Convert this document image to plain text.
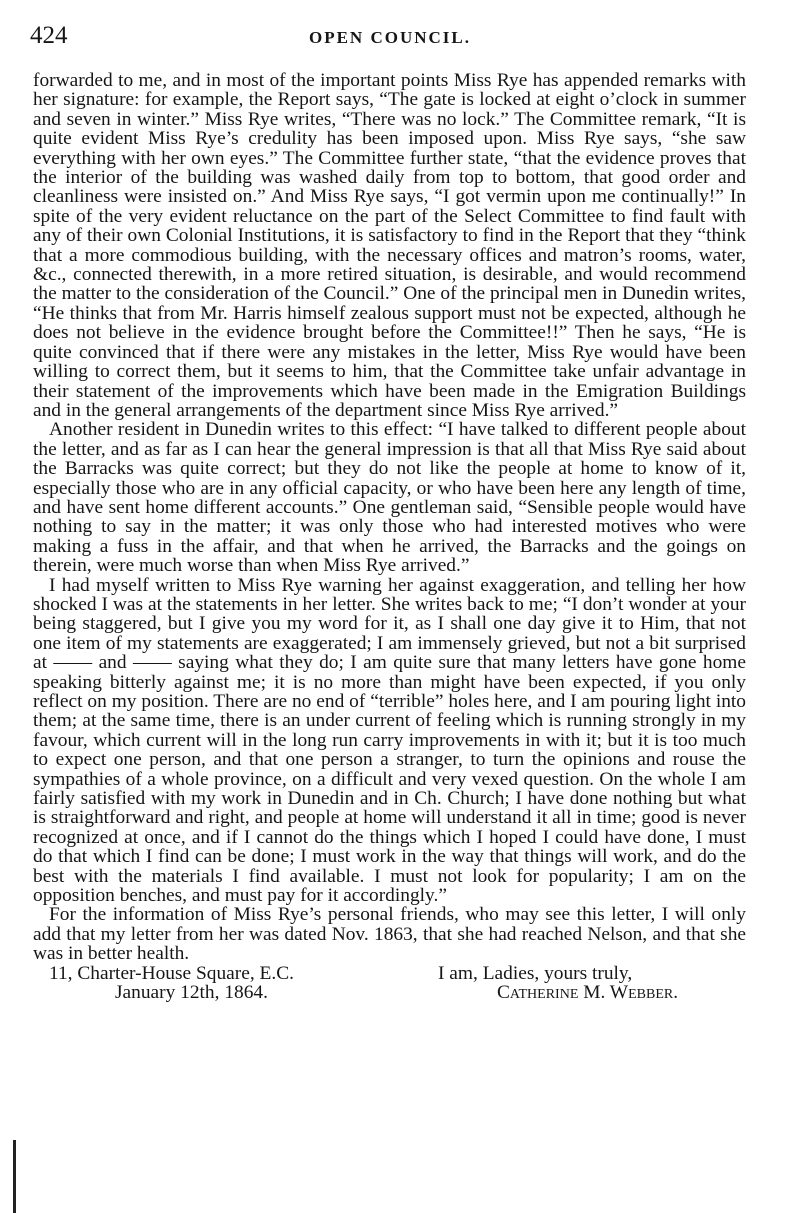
424	OPEN COUNCIL.

forwarded to me, and in most of the important points Miss Rye has appended remarks with her signature: for example, the Report says, “The gate is locked at eight o’clock in summer and seven in winter.” Miss Rye writes, “There was no lock.” The Committee remark, “It is quite evident Miss Rye’s credulity has been imposed upon. Miss Rye says, “she saw everything with her own eyes.” The Committee further state, “that the evidence proves that the interior of the building was washed daily from top to bottom, that good order and cleanliness were insisted on.” And Miss Rye says, “I got vermin upon me continually!” In spite of the very evident reluctance on the part of the Select Committee to find fault with any of their own Colonial Institutions, it is satisfactory to find in the Report that they “think that a more commodious building, with the necessary offices and matron’s rooms, water, &c., connected therewith, in a more retired situation, is desirable, and would recommend the matter to the consideration of the Council.” One of the principal men in Dunedin writes, “He thinks that from Mr. Harris himself zealous support must not be expected, although he does not believe in the evidence brought before the Committee!!” Then he says, “He is quite convinced that if there were any mistakes in the letter, Miss Rye would have been willing to correct them, but it seems to him, that the Committee take unfair advantage in their statement of the improvements which have been made in the Emigration Buildings and in the general arrangements of the department since Miss Rye arrived.”

Another resident in Dunedin writes to this effect: “I have talked to different people about the letter, and as far as I can hear the general impression is that all that Miss Rye said about the Barracks was quite correct; but they do not like the people at home to know of it, especially those who are in any official capacity, or who have been here any length of time, and have sent home different accounts.” One gentleman said, “Sensible people would have nothing to say in the matter; it was only those who had interested motives who were making a fuss in the affair, and that when he arrived, the Barracks and the goings on therein, were much worse than when Miss Rye arrived.”

I had myself written to Miss Rye warning her against exaggeration, and telling her how shocked I was at the statements in her letter. She writes back to me; “I don’t wonder at your being staggered, but I give you my word for it, as I shall one day give it to Him, that not one item of my statements are exaggerated; I am immensely grieved, but not a bit surprised at —— and —— saying what they do; I am quite sure that many letters have gone home speaking bitterly against me; it is no more than might have been expected, if you only reflect on my position. There are no end of “terrible” holes here, and I am pouring light into them; at the same time, there is an under current of feeling which is running strongly in my favour, which current will in the long run carry improvements in with it; but it is too much to expect one person, and that one person a stranger, to turn the opinions and rouse the sympathies of a whole province, on a difficult and very vexed question. On the whole I am fairly satisfied with my work in Dunedin and in Ch. Church; I have done nothing but what is straightforward and right, and people at home will understand it all in time; good is never recognized at once, and if I cannot do the things which I hoped I could have done, I must do that which I find can be done; I must work in the way that things will work, and do the best with the materials I find available. I must not look for popularity; I am on the opposition benches, and must pay for it accordingly.”

For the information of Miss Rye’s personal friends, who may see this letter, I will only add that my letter from her was dated Nov. 1863, that she had reached Nelson, and that she was in better health.

11, Charter-House Square, E.C.	I am, Ladies, yours truly,
January 12th, 1864.	Catherine M. Webber.
